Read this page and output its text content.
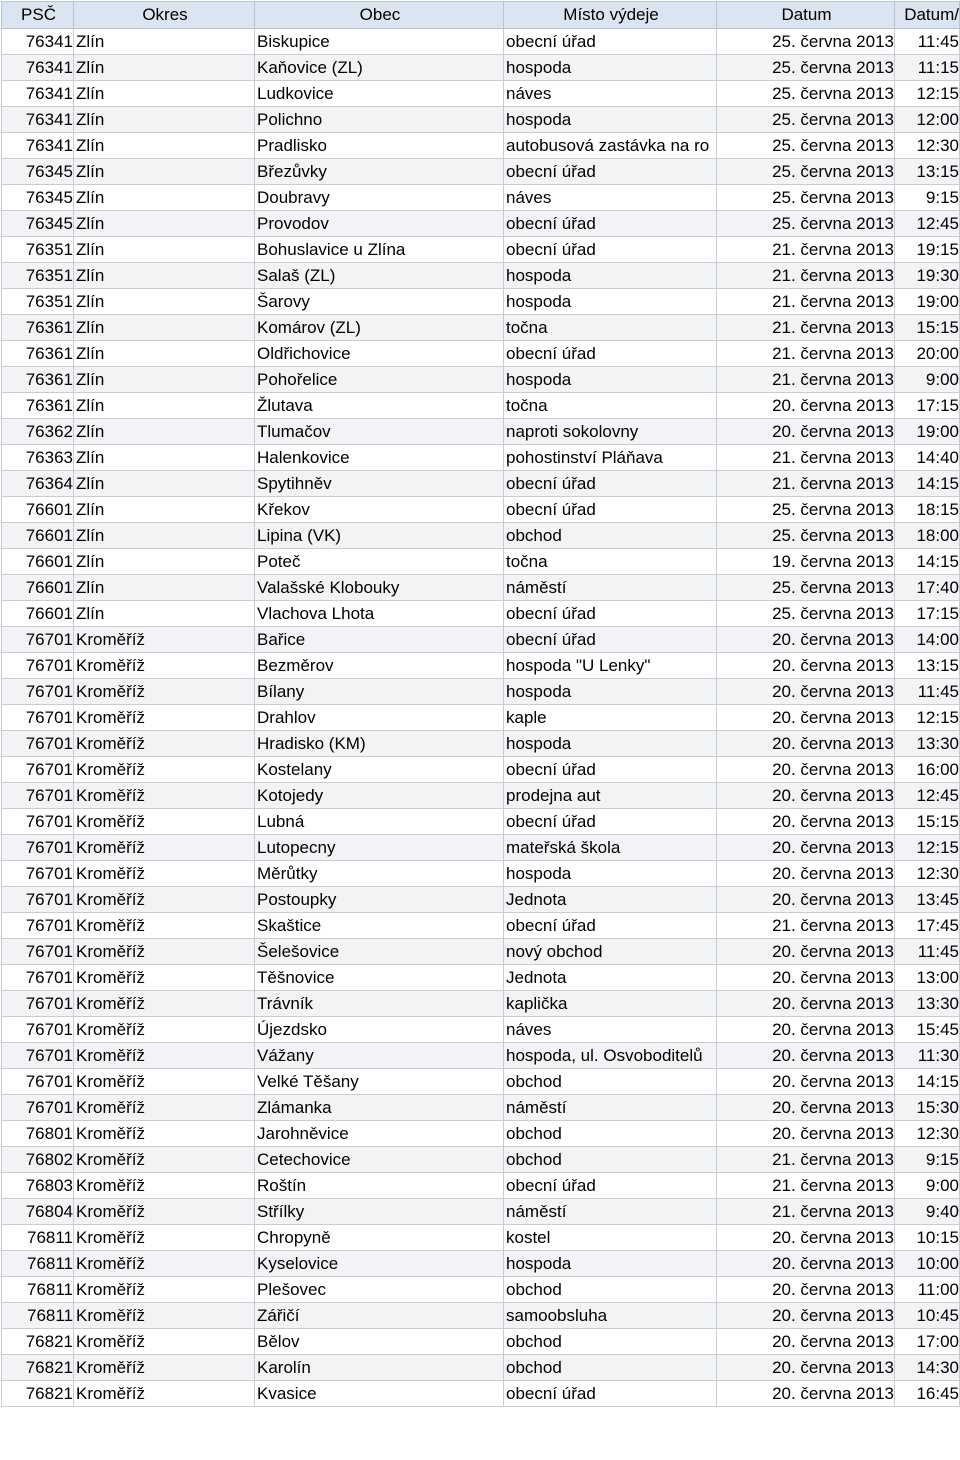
PSČ	Okres	Obec	Místo výdeje	Datum	Datum/
76341	Zlín	Biskupice	obecní úřad	25. června 2013	11:45
76341	Zlín	Kaňovice (ZL)	hospoda	25. června 2013	11:15
76341	Zlín	Ludkovice	náves	25. června 2013	12:15
76341	Zlín	Polichno	hospoda	25. června 2013	12:00
76341	Zlín	Pradlisko	autobusová zastávka na ro	25. června 2013	12:30
76345	Zlín	Březůvky	obecní úřad	25. června 2013	13:15
76345	Zlín	Doubravy	náves	25. června 2013	9:15
76345	Zlín	Provodov	obecní úřad	25. června 2013	12:45
76351	Zlín	Bohuslavice u Zlína	obecní úřad	21. června 2013	19:15
76351	Zlín	Salaš (ZL)	hospoda	21. června 2013	19:30
76351	Zlín	Šarovy	hospoda	21. června 2013	19:00
76361	Zlín	Komárov (ZL)	točna	21. června 2013	15:15
76361	Zlín	Oldřichovice	obecní úřad	21. června 2013	20:00
76361	Zlín	Pohořelice	hospoda	21. června 2013	9:00
76361	Zlín	Žlutava	točna	20. června 2013	17:15
76362	Zlín	Tlumačov	naproti sokolovny	20. června 2013	19:00
76363	Zlín	Halenkovice	pohostinství Pláňava	21. června 2013	14:40
76364	Zlín	Spytihněv	obecní úřad	21. června 2013	14:15
76601	Zlín	Křekov	obecní úřad	25. června 2013	18:15
76601	Zlín	Lipina (VK)	obchod	25. června 2013	18:00
76601	Zlín	Poteč	točna	19. června 2013	14:15
76601	Zlín	Valašské Klobouky	náměstí	25. června 2013	17:40
76601	Zlín	Vlachova Lhota	obecní úřad	25. června 2013	17:15
76701	Kroměříž	Bařice	obecní úřad	20. června 2013	14:00
76701	Kroměříž	Bezměrov	hospoda "U Lenky"	20. června 2013	13:15
76701	Kroměříž	Bílany	hospoda	20. června 2013	11:45
76701	Kroměříž	Drahlov	kaple	20. června 2013	12:15
76701	Kroměříž	Hradisko (KM)	hospoda	20. června 2013	13:30
76701	Kroměříž	Kostelany	obecní úřad	20. června 2013	16:00
76701	Kroměříž	Kotojedy	prodejna aut	20. června 2013	12:45
76701	Kroměříž	Lubná	obecní úřad	20. června 2013	15:15
76701	Kroměříž	Lutopecny	mateřská škola	20. června 2013	12:15
76701	Kroměříž	Měrůtky	hospoda	20. června 2013	12:30
76701	Kroměříž	Postoupky	Jednota	20. června 2013	13:45
76701	Kroměříž	Skaštice	obecní úřad	21. června 2013	17:45
76701	Kroměříž	Šelešovice	nový obchod	20. června 2013	11:45
76701	Kroměříž	Těšnovice	Jednota	20. června 2013	13:00
76701	Kroměříž	Trávník	kaplička	20. června 2013	13:30
76701	Kroměříž	Újezdsko	náves	20. června 2013	15:45
76701	Kroměříž	Vážany	hospoda, ul. Osvoboditelů	20. června 2013	11:30
76701	Kroměříž	Velké Těšany	obchod	20. června 2013	14:15
76701	Kroměříž	Zlámanka	náměstí	20. června 2013	15:30
76801	Kroměříž	Jarohněvice	obchod	20. června 2013	12:30
76802	Kroměříž	Cetechovice	obchod	21. června 2013	9:15
76803	Kroměříž	Roštín	obecní úřad	21. června 2013	9:00
76804	Kroměříž	Střílky	náměstí	21. června 2013	9:40
76811	Kroměříž	Chropyně	kostel	20. června 2013	10:15
76811	Kroměříž	Kyselovice	hospoda	20. června 2013	10:00
76811	Kroměříž	Plešovec	obchod	20. června 2013	11:00
76811	Kroměříž	Zářičí	samoobsluha	20. června 2013	10:45
76821	Kroměříž	Bělov	obchod	20. června 2013	17:00
76821	Kroměříž	Karolín	obchod	20. června 2013	14:30
76821	Kroměříž	Kvasice	obecní úřad	20. června 2013	16:45
